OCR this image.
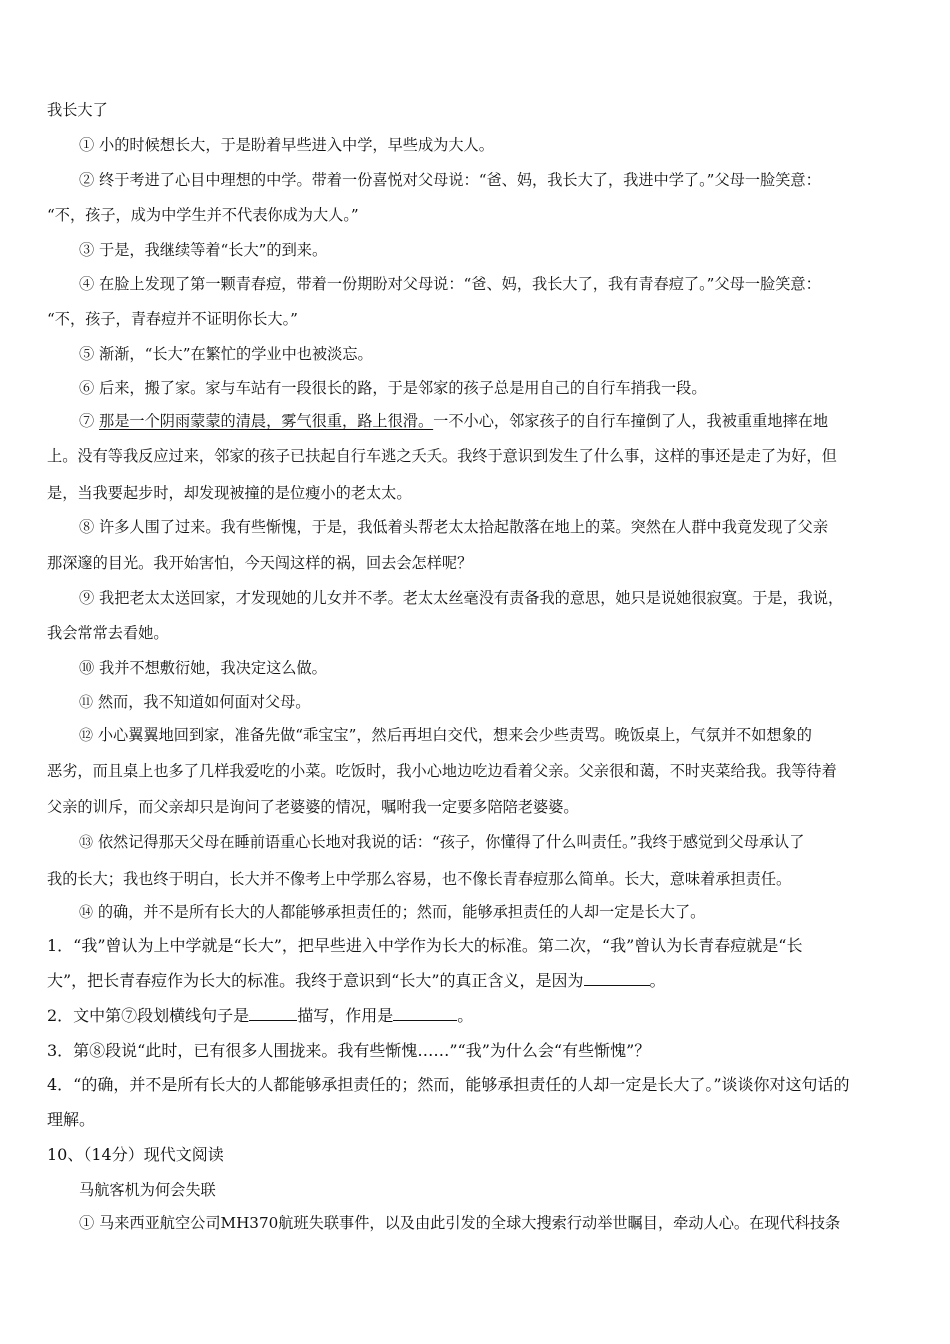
我长大了
① 小的时候想长大，于是盼着早些进入中学，早些成为大人。
② 终于考进了心目中理想的中学。带着一份喜悦对父母说：“爸、妈，我长大了，我进中学了。”父母一脸笑意：
“不，孩子，成为中学生并不代表你成为大人。”
③ 于是，我继续等着“长大”的到来。
④ 在脸上发现了第一颗青春痘，带着一份期盼对父母说：“爸、妈，我长大了，我有青春痘了。”父母一脸笑意：
“不，孩子，青春痘并不证明你长大。”
⑤ 渐渐，“长大”在繁忙的学业中也被淡忘。
⑥ 后来，搬了家。家与车站有一段很长的路，于是邻家的孩子总是用自己的自行车捎我一段。
⑦ 那是一个阴雨蒙蒙的清晨，雾气很重，路上很滑。一不小心，邻家孩子的自行车撞倒了人，我被重重地摔在地
上。没有等我反应过来，邻家的孩子已扶起自行车逃之夭夭。我终于意识到发生了什么事，这样的事还是走了为好，但
是，当我要起步时，却发现被撞的是位瘦小的老太太。
⑧ 许多人围了过来。我有些惭愧，于是，我低着头帮老太太拾起散落在地上的菜。突然在人群中我竟发现了父亲
那深邃的目光。我开始害怕，今天闯这样的祸，回去会怎样呢？
⑨ 我把老太太送回家，才发现她的儿女并不孝。老太太丝毫没有责备我的意思，她只是说她很寂寞。于是，我说，
我会常常去看她。
⑩ 我并不想敷衍她，我决定这么做。
⑪ 然而，我不知道如何面对父母。
⑫ 小心翼翼地回到家，准备先做“乖宝宝”，然后再坦白交代，想来会少些责骂。晚饭桌上，气氛并不如想象的
恶劣，而且桌上也多了几样我爱吃的小菜。吃饭时，我小心地边吃边看着父亲。父亲很和蔼，不时夹菜给我。我等待着
父亲的训斥，而父亲却只是询问了老婆婆的情况，嘱咐我一定要多陪陪老婆婆。
⑬ 依然记得那天父母在睡前语重心长地对我说的话：“孩子，你懂得了什么叫责任。”我终于感觉到父母承认了
我的长大；我也终于明白，长大并不像考上中学那么容易，也不像长青春痘那么简单。长大，意味着承担责任。
⑭ 的确，并不是所有长大的人都能够承担责任的；然而，能够承担责任的人却一定是长大了。
1．“我”曾认为上中学就是“长大”，把早些进入中学作为长大的标准。第二次，“我”曾认为长青春痘就是“长
大”，把长青春痘作为长大的标准。我终于意识到“长大”的真正含义，是因为	。
2．文中第⑦段划横线句子是	描写，作用是	。
3．第⑧段说“此时，已有很多人围拢来。我有些惭愧……”“我”为什么会“有些惭愧”？
4．“的确，并不是所有长大的人都能够承担责任的；然而，能够承担责任的人却一定是长大了。”谈谈你对这句话的
理解。
10、（14分）现代文阅读
马航客机为何会失联
① 马来西亚航空公司MH370航班失联事件，以及由此引发的全球大搜索行动举世瞩目，牵动人心。在现代科技条
